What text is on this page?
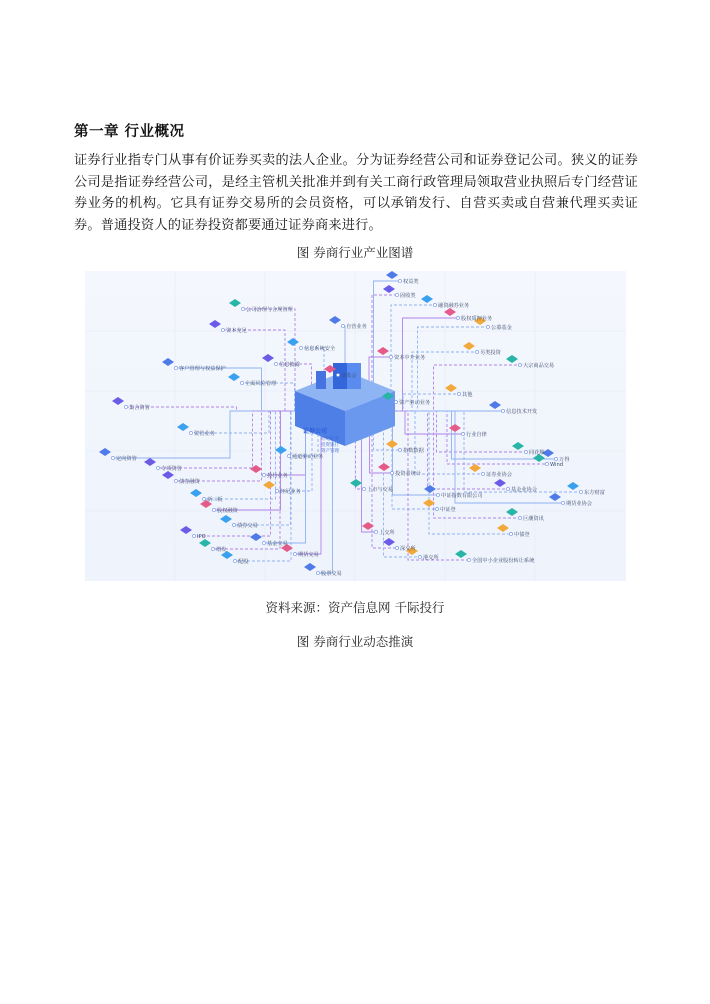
第一章 行业概况
证券行业指专门从事有价证券买卖的法人企业。分为证券经营公司和证券登记公司。狭义的证券公司是指证券经营公司，是经主管机关批准并到有关工商行政管理局领取营业执照后专门经营证券业务的机构。它具有证券交易所的会员资格，可以承销发行、自营买卖或自营兼代理买卖证券。普通投资人的证券投资都要通过证券商来进行。
图 券商行业产业图谱
权益类
固收类
融资融券业务
股权质押业务
公募基金
公司治理与合规管理
自营业务
资本充足
信息系统安全
资本中介业务
另类投资
大宗商品交易
客户管理与权益保护
信息披露
全面风险管理
证监会
其他
资产驱动业务
信息技术开发
集合资管
资管业务	行业自律
指数数据	同花顺
定向资管
专项资管
通道驱动业务
投资者统计	证券业协会
Wind
万得
债券融资
新三板
投行业务
经纪业务	上市与交易
中证指数有限公司
基金业协会	东方财富
股权融资	中证登
巨潮资讯
期货业协会
IPO
债券交易
上交所	中债登
增发
基金交易
深交所
配股
期货交易	港交所	全国中小企业股份转让系统
股票交易
证券公司
经纪业务
投资银行
资产管理
资料来源：资产信息网 千际投行
图 券商行业动态推演
